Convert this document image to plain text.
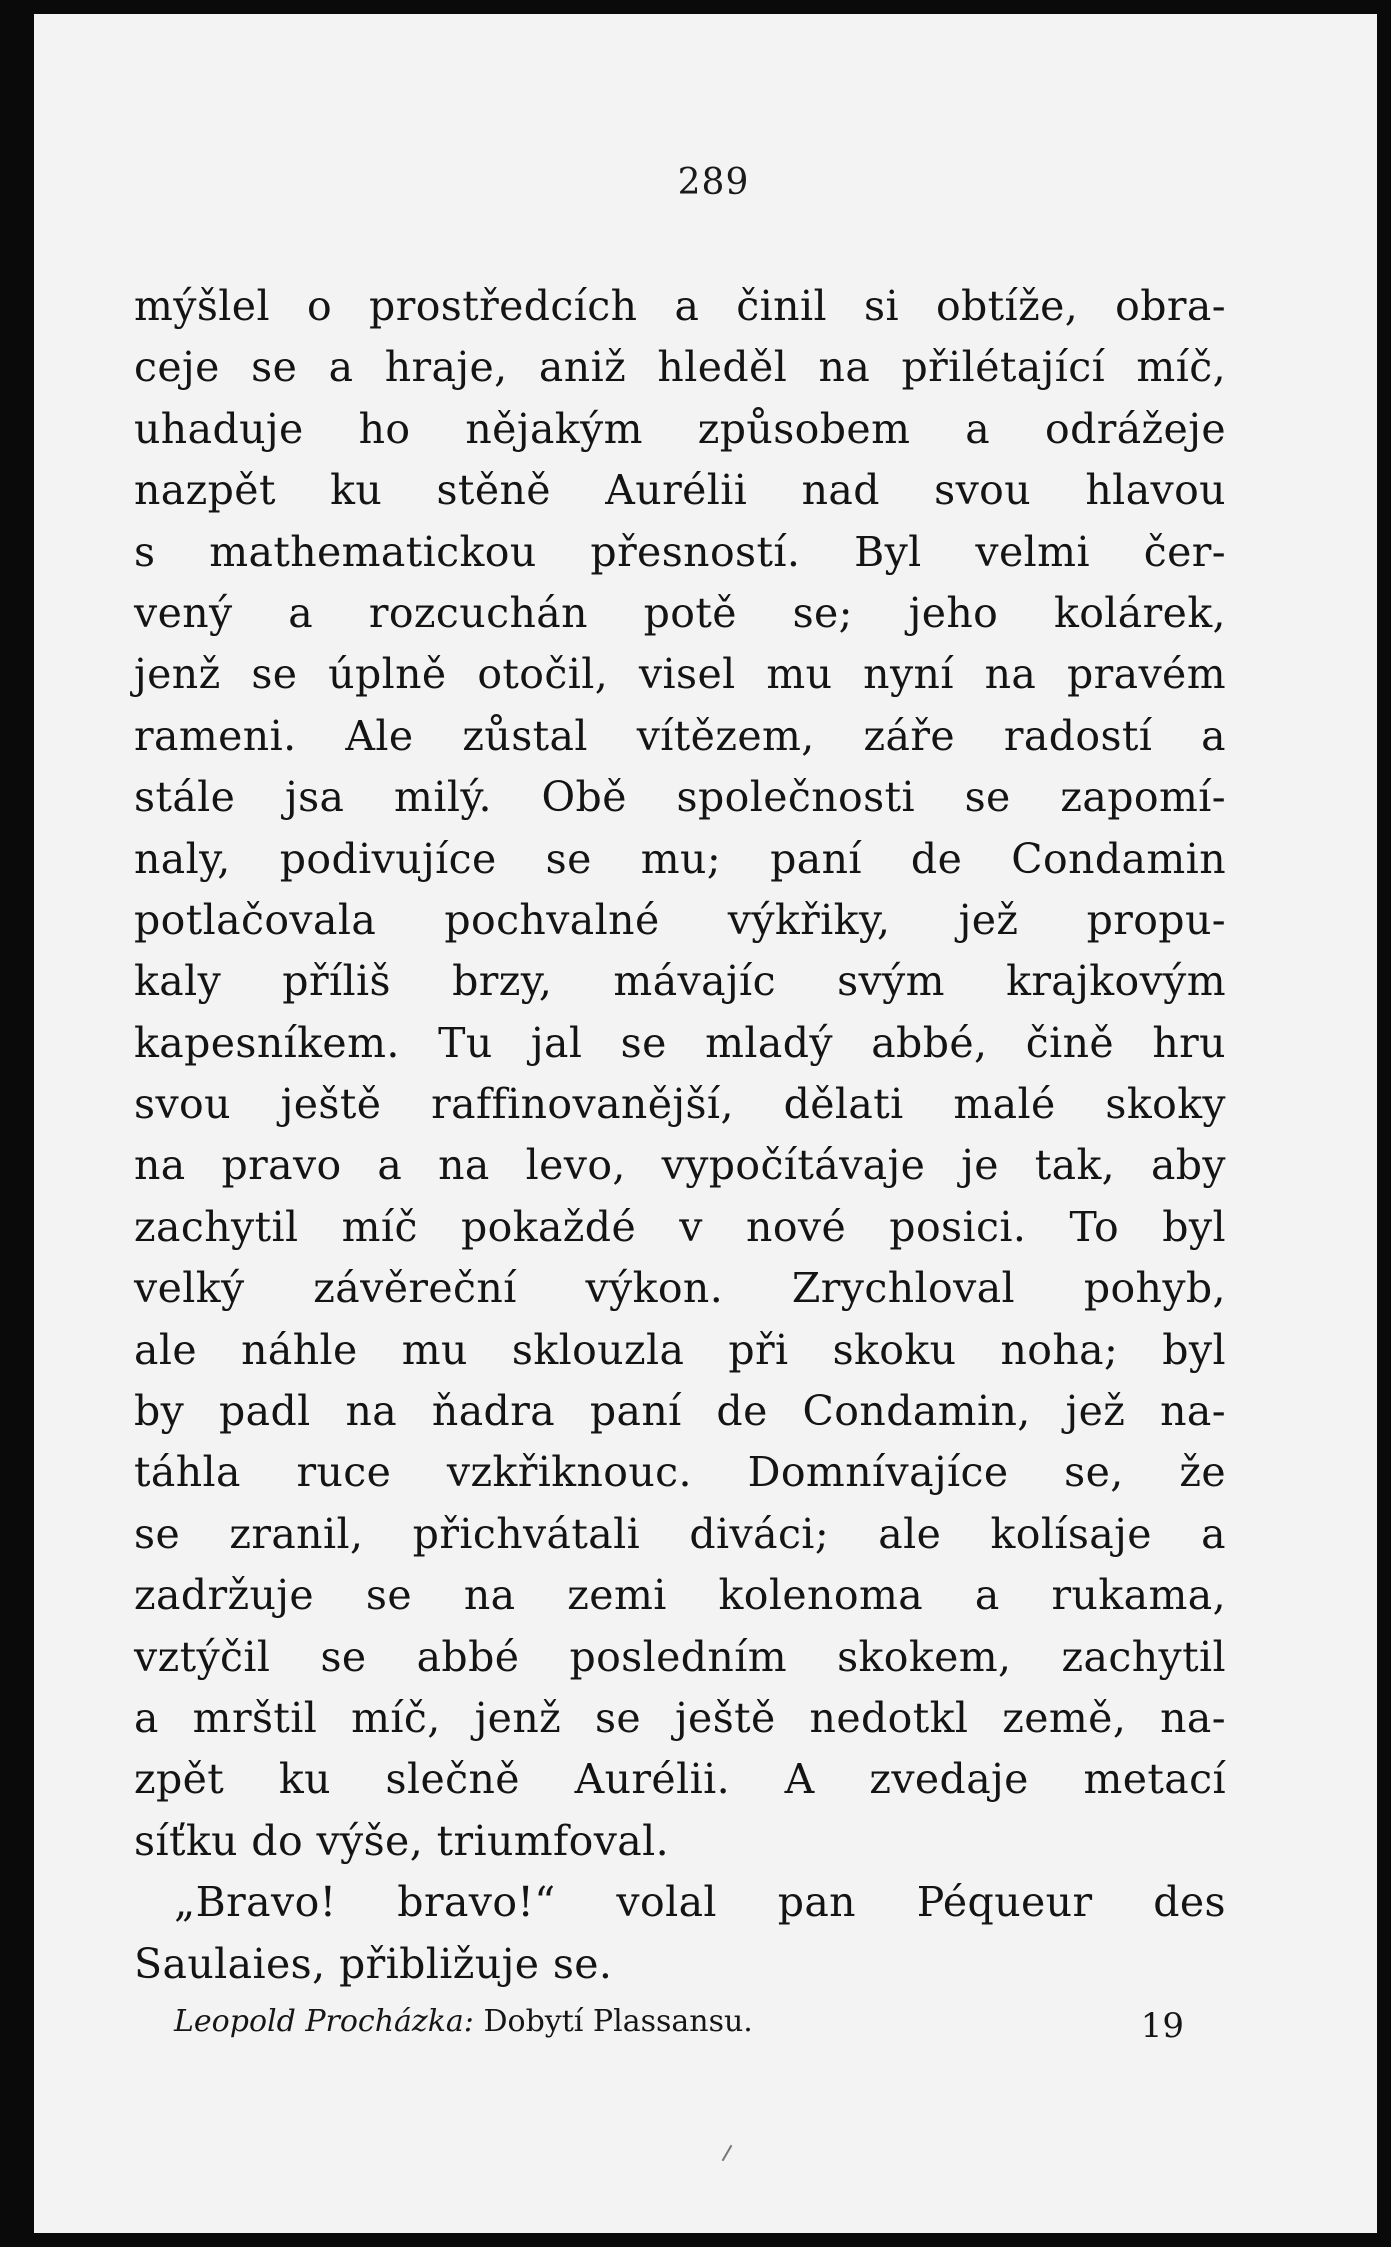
289
mýšlel o prostředcích a činil si obtíže, obra-
ceje se a hraje, aniž hleděl na přilétající míč,
uhaduje ho nějakým způsobem a odrážeje
nazpět ku stěně Aurélii nad svou hlavou
s mathematickou přesností. Byl velmi čer-
vený a rozcuchán potě se; jeho kolárek,
jenž se úplně otočil, visel mu nyní na pravém
rameni. Ale zůstal vítězem, záře radostí a
stále jsa milý. Obě společnosti se zapomí-
naly, podivujíce se mu; paní de Condamin
potlačovala pochvalné výkřiky, jež propu-
kaly příliš brzy, mávajíc svým krajkovým
kapesníkem. Tu jal se mladý abbé, čině hru
svou ještě raffinovanější, dělati malé skoky
na pravo a na levo, vypočítávaje je tak, aby
zachytil míč pokaždé v nové posici. To byl
velký závěreční výkon. Zrychloval pohyb,
ale náhle mu sklouzla při skoku noha; byl
by padl na ňadra paní de Condamin, jež na-
táhla ruce vzkřiknouc. Domnívajíce se, že
se zranil, přichvátali diváci; ale kolísaje a
zadržuje se na zemi kolenoma a rukama,
vztýčil se abbé posledním skokem, zachytil
a mrštil míč, jenž se ještě nedotkl země, na-
zpět ku slečně Aurélii. A zvedaje metací
síťku do výše, triumfoval.
„Bravo! bravo!“ volal pan Péqueur des
Saulaies, přibližuje se.
Leopold Procházka: Dobytí Plassansu.	19
